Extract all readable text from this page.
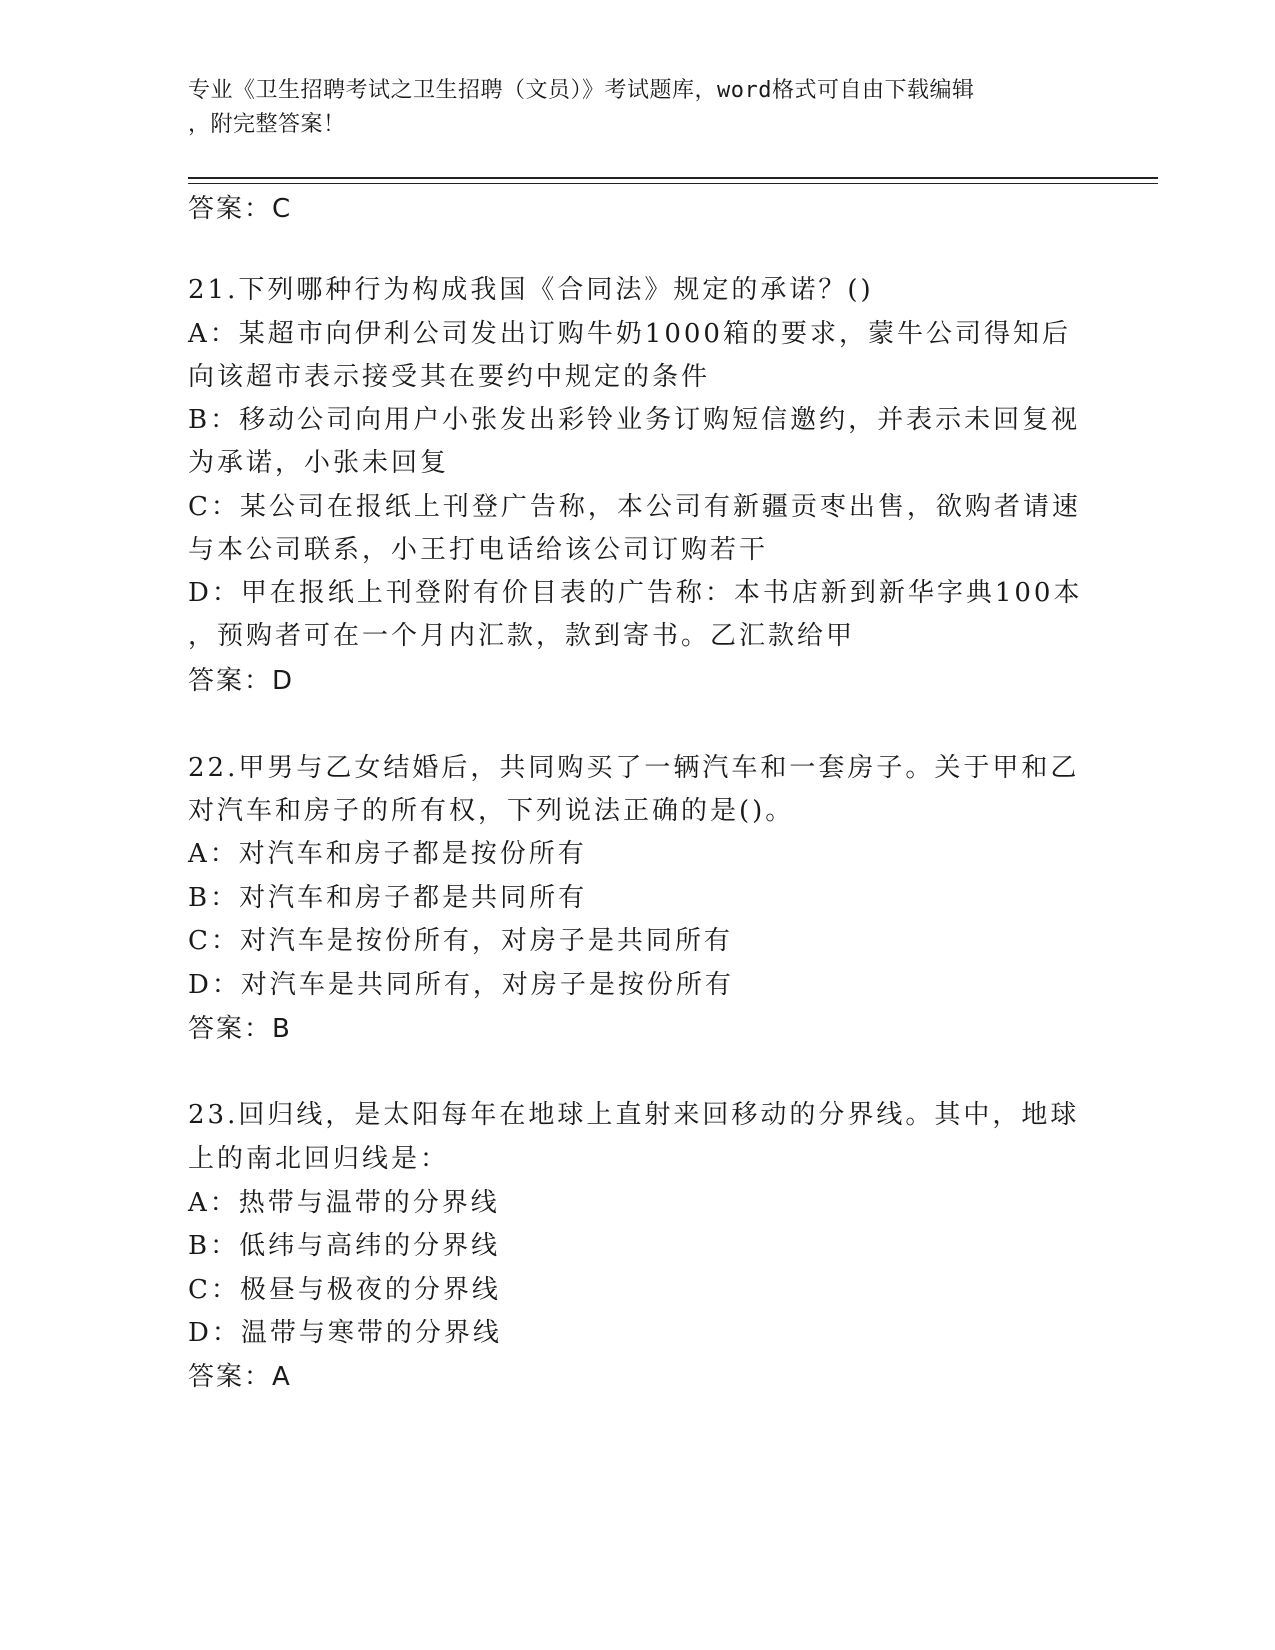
专业《卫生招聘考试之卫生招聘（文员）》考试题库，word格式可自由下载编辑
，附完整答案！
答案：C
21.下列哪种行为构成我国《合同法》规定的承诺？()
A：某超市向伊利公司发出订购牛奶1000箱的要求，蒙牛公司得知后
向该超市表示接受其在要约中规定的条件
B：移动公司向用户小张发出彩铃业务订购短信邀约，并表示未回复视
为承诺，小张未回复
C：某公司在报纸上刊登广告称，本公司有新疆贡枣出售，欲购者请速
与本公司联系，小王打电话给该公司订购若干
D：甲在报纸上刊登附有价目表的广告称：本书店新到新华字典100本
，预购者可在一个月内汇款，款到寄书。乙汇款给甲
答案：D
22.甲男与乙女结婚后，共同购买了一辆汽车和一套房子。关于甲和乙
对汽车和房子的所有权，下列说法正确的是()。
A：对汽车和房子都是按份所有
B：对汽车和房子都是共同所有
C：对汽车是按份所有，对房子是共同所有
D：对汽车是共同所有，对房子是按份所有
答案：B
23.回归线，是太阳每年在地球上直射来回移动的分界线。其中，地球
上的南北回归线是：
A：热带与温带的分界线
B：低纬与高纬的分界线
C：极昼与极夜的分界线
D：温带与寒带的分界线
答案：A
